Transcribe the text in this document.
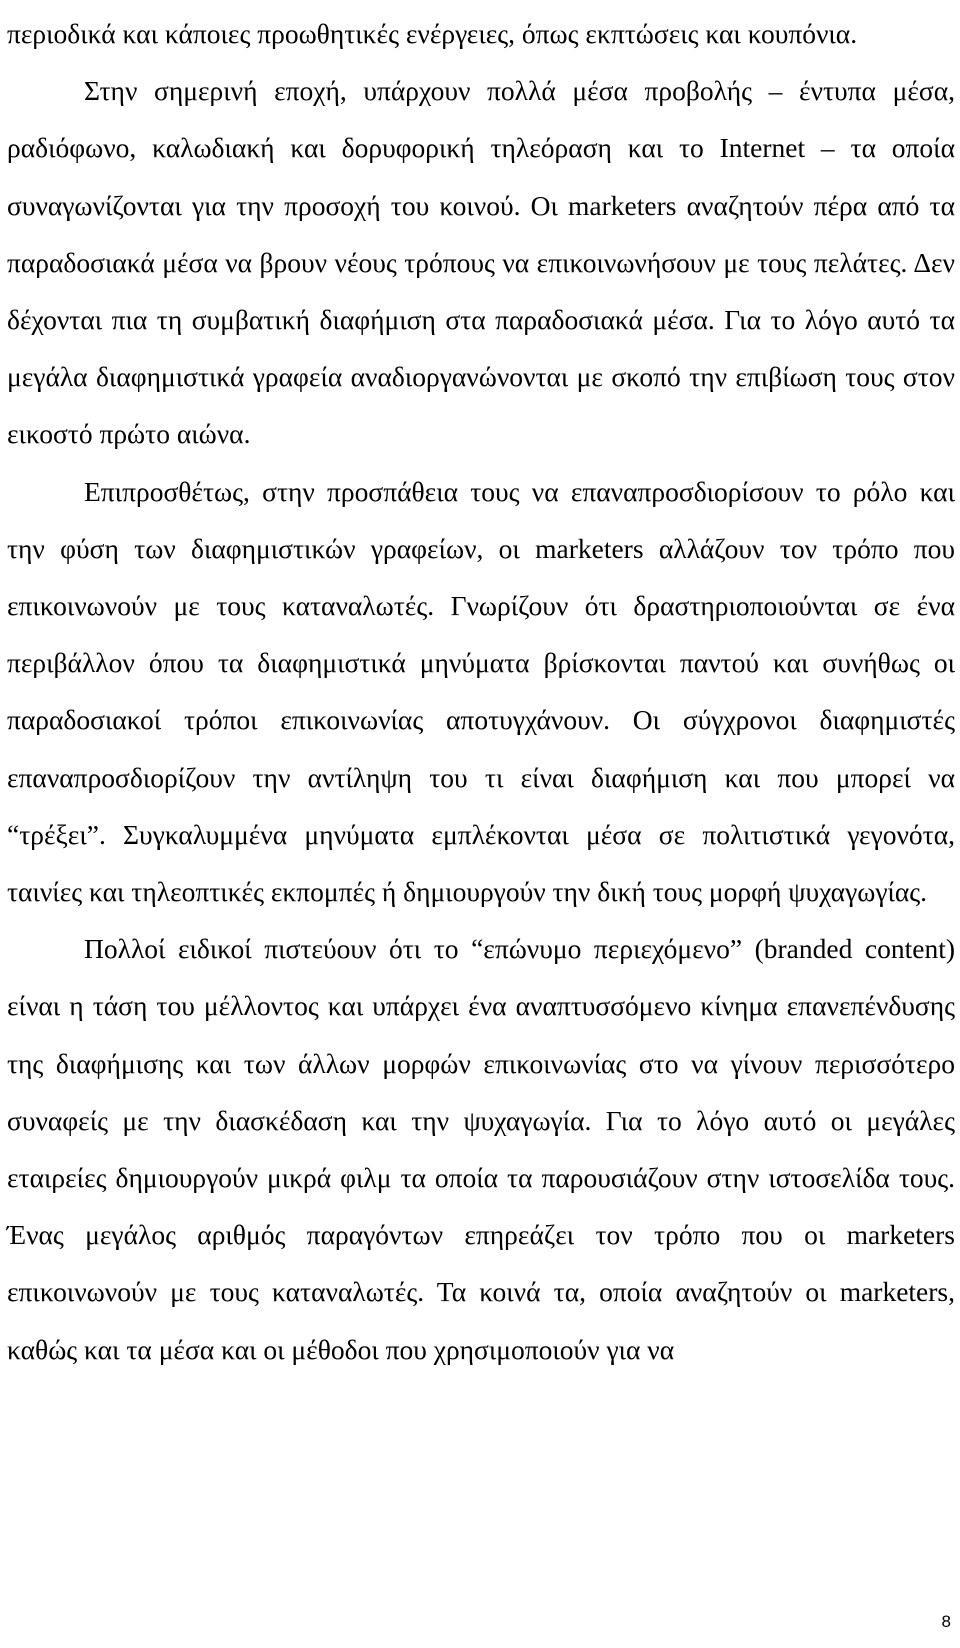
περιοδικά και κάποιες προωθητικές ενέργειες, όπως εκπτώσεις και κουπόνια.

Στην σημερινή εποχή, υπάρχουν πολλά μέσα προβολής – έντυπα μέσα, ραδιόφωνο, καλωδιακή και δορυφορική τηλεόραση και το Internet – τα οποία συναγωνίζονται για την προσοχή του κοινού. Οι marketers αναζητούν πέρα από τα παραδοσιακά μέσα να βρουν νέους τρόπους να επικοινωνήσουν με τους πελάτες. Δεν δέχονται πια τη συμβατική διαφήμιση στα παραδοσιακά μέσα. Για το λόγο αυτό τα μεγάλα διαφημιστικά γραφεία αναδιοργανώνονται με σκοπό την επιβίωση τους στον εικοστό πρώτο αιώνα.

Επιπροσθέτως, στην προσπάθεια τους να επαναπροσδιορίσουν το ρόλο και την φύση των διαφημιστικών γραφείων, οι marketers αλλάζουν τον τρόπο που επικοινωνούν με τους καταναλωτές. Γνωρίζουν ότι δραστηριοποιούνται σε ένα περιβάλλον όπου τα διαφημιστικά μηνύματα βρίσκονται παντού και συνήθως οι παραδοσιακοί τρόποι επικοινωνίας αποτυγχάνουν. Οι σύγχρονοι διαφημιστές επαναπροσδιορίζουν την αντίληψη του τι είναι διαφήμιση και που μπορεί να “τρέξει”. Συγκαλυμμένα μηνύματα εμπλέκονται μέσα σε πολιτιστικά γεγονότα, ταινίες και τηλεοπτικές εκπομπές ή δημιουργούν την δική τους μορφή ψυχαγωγίας.

Πολλοί ειδικοί πιστεύουν ότι το “επώνυμο περιεχόμενο” (branded content) είναι η τάση του μέλλοντος και υπάρχει ένα αναπτυσσόμενο κίνημα επανεπένδυσης της διαφήμισης και των άλλων μορφών επικοινωνίας στο να γίνουν περισσότερο συναφείς με την διασκέδαση και την ψυχαγωγία. Για το λόγο αυτό οι μεγάλες εταιρείες δημιουργούν μικρά φιλμ τα οποία τα παρουσιάζουν στην ιστοσελίδα τους. Ένας μεγάλος αριθμός παραγόντων επηρεάζει τον τρόπο που οι marketers επικοινωνούν με τους καταναλωτές. Τα κοινά τα, οποία αναζητούν οι marketers, καθώς και τα μέσα και οι μέθοδοι που χρησιμοποιούν για να

8
